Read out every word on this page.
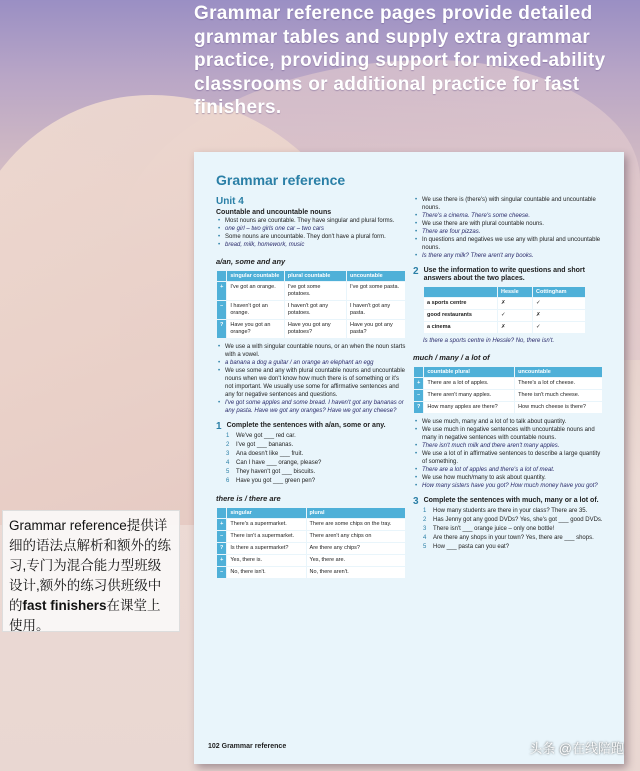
Grammar reference pages provide detailed grammar tables and supply extra grammar practice, providing support for mixed-ability classrooms or additional practice for fast finishers.
Grammar reference提供详细的语法点解析和额外的练习,专门为混合能力型班级设计,额外的练习供班级中的fast finishers在课堂上使用。
Grammar reference
Unit 4
Countable and uncountable nouns
• Most nouns are countable. They have singular and plural forms.
• one girl – two girls one car – two cars
• Some nouns are uncountable. They don't have a plural form.
• bread, milk, homework, music
a/an, some and any
	singular countable	plural countable	uncountable
+	I've got an orange.	I've got some potatoes.	I've got some pasta.
–	I haven't got an orange.	I haven't got any potatoes.	I haven't got any pasta.
?	Have you got an orange?	Have you got any potatoes?	Have you got any pasta?
• We use a with singular countable nouns, or an when the noun starts with a vowel.
• a banana a dog a guitar / an orange an elephant an egg
• We use some and any with plural countable nouns and uncountable nouns when we don't know how much there is of something or it's not important. We usually use some for affirmative sentences and any for negative sentences and questions.
• I've got some apples and some bread. I haven't got any bananas or any pasta. Have we got any oranges? Have we got any cheese?
1 Complete the sentences with a/an, some or any.
1	We've got ___ red car.
2	I've got ___ bananas.
3	Ana doesn't like ___ fruit.
4	Can I have ___ orange, please?
5	They haven't got ___ biscuits.
6	Have you got ___ green pen?
there is / there are
	singular	plural
+	There's a supermarket.	There are some chips on the tray.
–	There isn't a supermarket.	There aren't any chips on
?	Is there a supermarket?	Are there any chips?
+	Yes, there is.	Yes, there are.
–	No, there isn't.	No, there aren't.
• We use there is (there's) with singular countable and uncountable nouns.
• There's a cinema. There's some cheese.
• We use there are with plural countable nouns.
• There are four pizzas.
• In questions and negatives we use any with plural and uncountable nouns.
• Is there any milk? There aren't any books.
2 Use the information to write questions and short answers about the two places.
	Hessle	Cottingham
a sports centre	✗	✓
good restaurants	✓	✗
a cinema	✗	✓
Is there a sports centre in Hessle? No, there isn't.
much / many / a lot of
	countable plural	uncountable
+	There are a lot of apples.	There's a lot of cheese.
–	There aren't many apples.	There isn't much cheese.
?	How many apples are there?	How much cheese is there?
• We use much, many and a lot of to talk about quantity.
• We use much in negative sentences with uncountable nouns and many in negative sentences with countable nouns.
• There isn't much milk and there aren't many apples.
• We use a lot of in affirmative sentences to describe a large quantity of something.
• There are a lot of apples and there's a lot of meat.
• We use how much/many to ask about quantity.
• How many sisters have you got? How much money have you got?
3 Complete the sentences with much, many or a lot of.
1	How many students are there in your class? There are 35.
2	Has Jenny got any good DVDs? Yes, she's got ___ good DVDs.
3	There isn't ___ orange juice – only one bottle!
4	Are there any shops in your town? Yes, there are ___ shops.
5	How ___ pasta can you eat?
102 Grammar reference	头条 @在线陪跑
